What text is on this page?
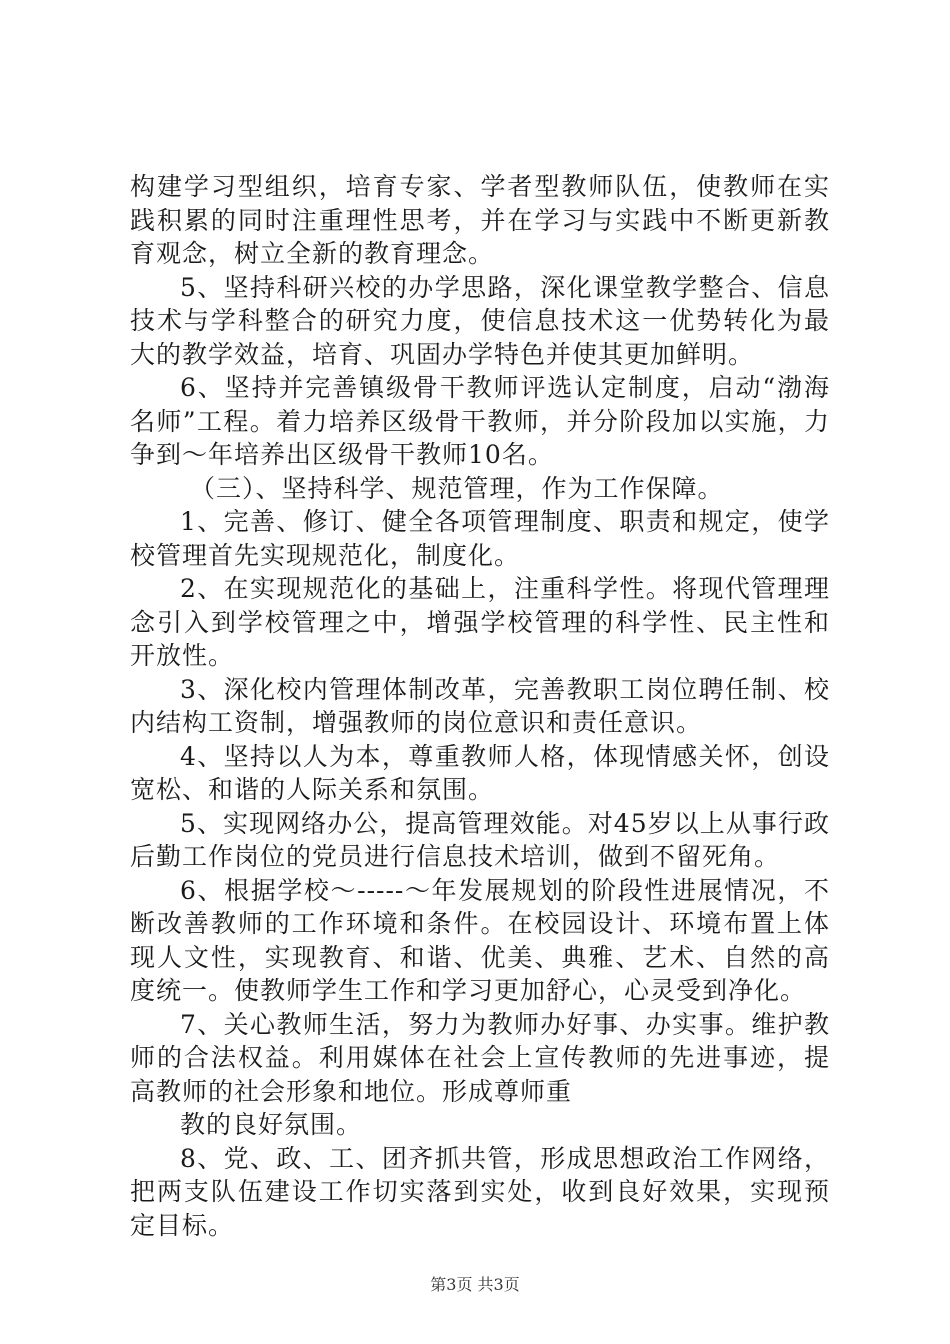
构建学习型组织，培育专家、学者型教师队伍，使教师在实践积累的同时注重理性思考，并在学习与实践中不断更新教育观念，树立全新的教育理念。

5、坚持科研兴校的办学思路，深化课堂教学整合、信息技术与学科整合的研究力度，使信息技术这一优势转化为最大的教学效益，培育、巩固办学特色并使其更加鲜明。

6、坚持并完善镇级骨干教师评选认定制度，启动“渤海名师”工程。着力培养区级骨干教师，并分阶段加以实施，力争到～年培养出区级骨干教师10名。

（三）、坚持科学、规范管理，作为工作保障。

1、完善、修订、健全各项管理制度、职责和规定，使学校管理首先实现规范化，制度化。

2、在实现规范化的基础上，注重科学性。将现代管理理念引入到学校管理之中，增强学校管理的科学性、民主性和开放性。

3、深化校内管理体制改革，完善教职工岗位聘任制、校内结构工资制，增强教师的岗位意识和责任意识。

4、坚持以人为本，尊重教师人格，体现情感关怀，创设宽松、和谐的人际关系和氛围。

5、实现网络办公，提高管理效能。对45岁以上从事行政后勤工作岗位的党员进行信息技术培训，做到不留死角。

6、根据学校～-----～年发展规划的阶段性进展情况，不断改善教师的工作环境和条件。在校园设计、环境布置上体现人文性，实现教育、和谐、优美、典雅、艺术、自然的高度统一。使教师学生工作和学习更加舒心，心灵受到净化。

7、关心教师生活，努力为教师办好事、办实事。维护教师的合法权益。利用媒体在社会上宣传教师的先进事迹，提高教师的社会形象和地位。形成尊师重

教的良好氛围。

8、党、政、工、团齐抓共管，形成思想政治工作网络，把两支队伍建设工作切实落到实处，收到良好效果，实现预定目标。

第3页 共3页
